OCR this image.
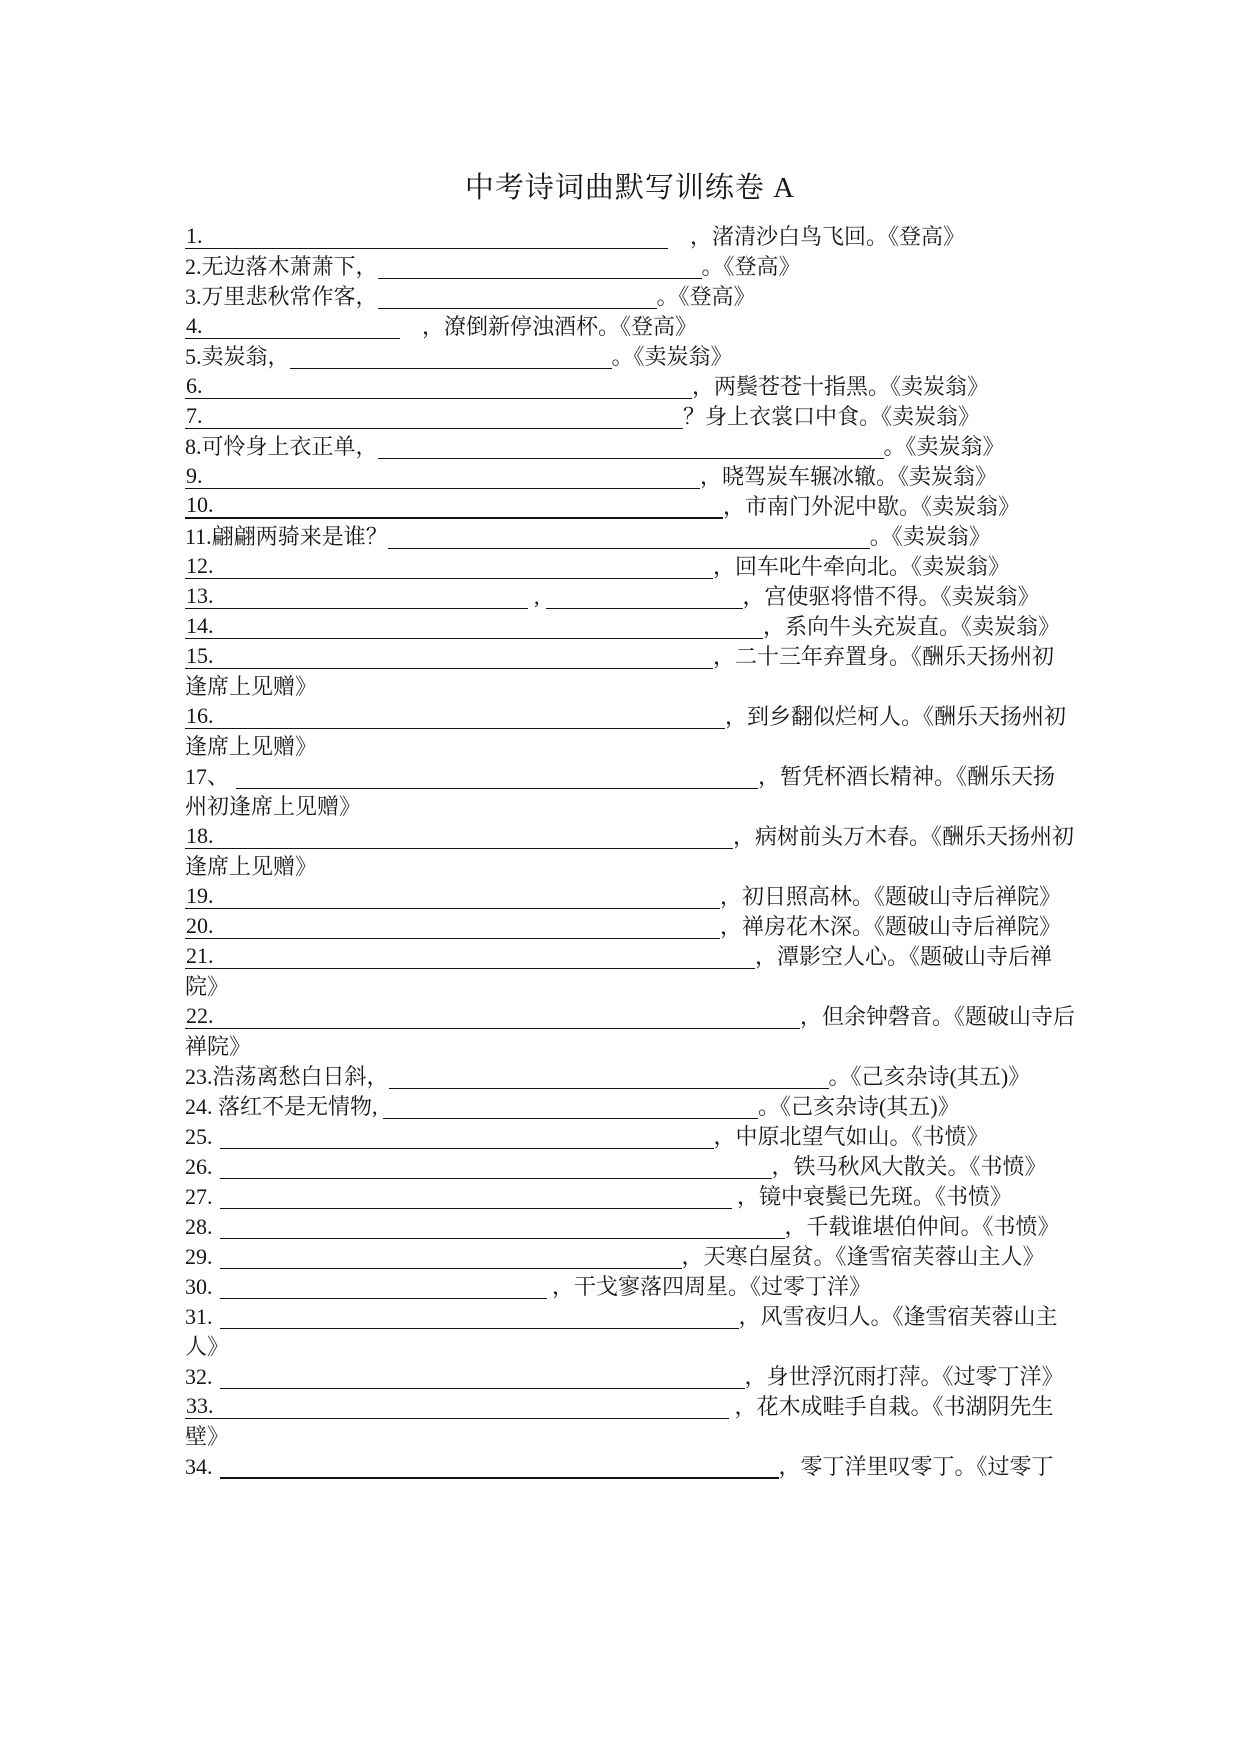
中考诗词曲默写训练卷 A
1.	　，渚清沙白鸟飞回。《登高》
2.无边落木萧萧下，	。《登高》
3.万里悲秋常作客，	。《登高》
4.	　，潦倒新停浊酒杯。《登高》
5.卖炭翁，	。《卖炭翁》
6.	，两鬓苍苍十指黑。《卖炭翁》
7.	？身上衣裳口中食。《卖炭翁》
8.可怜身上衣正单，	。《卖炭翁》
9.	，晓驾炭车辗冰辙。《卖炭翁》
10.	，市南门外泥中歇。《卖炭翁》
11.翩翩两骑来是谁？	。《卖炭翁》
12.	，回车叱牛牵向北。《卖炭翁》
13.	,	，宫使驱将惜不得。《卖炭翁》
14.	，系向牛头充炭直。《卖炭翁》
15.	，二十三年弃置身。《酬乐天扬州初逢席上见赠》
16.	，到乡翻似烂柯人。《酬乐天扬州初逢席上见赠》
17、	，暂凭杯酒长精神。《酬乐天扬州初逢席上见赠》
18.	，病树前头万木春。《酬乐天扬州初逢席上见赠》
19.	，初日照高林。《题破山寺后禅院》
20.	，禅房花木深。《题破山寺后禅院》
21.	，潭影空人心。《题破山寺后禅院》
22.	，但余钟磬音。《题破山寺后禅院》
23.浩荡离愁白日斜，	。《己亥杂诗(其五)》
24. 落红不是无情物,	。《己亥杂诗(其五)》
25.	，中原北望气如山。《书愤》
26.	，铁马秋风大散关。《书愤》
27.	，镜中衰鬓已先斑。《书愤》
28.	，千载谁堪伯仲间。《书愤》
29.	，天寒白屋贫。《逢雪宿芙蓉山主人》
30.	，干戈寥落四周星。《过零丁洋》
31.	，风雪夜归人。《逢雪宿芙蓉山主人》
32.	，身世浮沉雨打萍。《过零丁洋》
33.	，花木成畦手自栽。《书湖阴先生壁》
34.	，零丁洋里叹零丁。《过零丁
